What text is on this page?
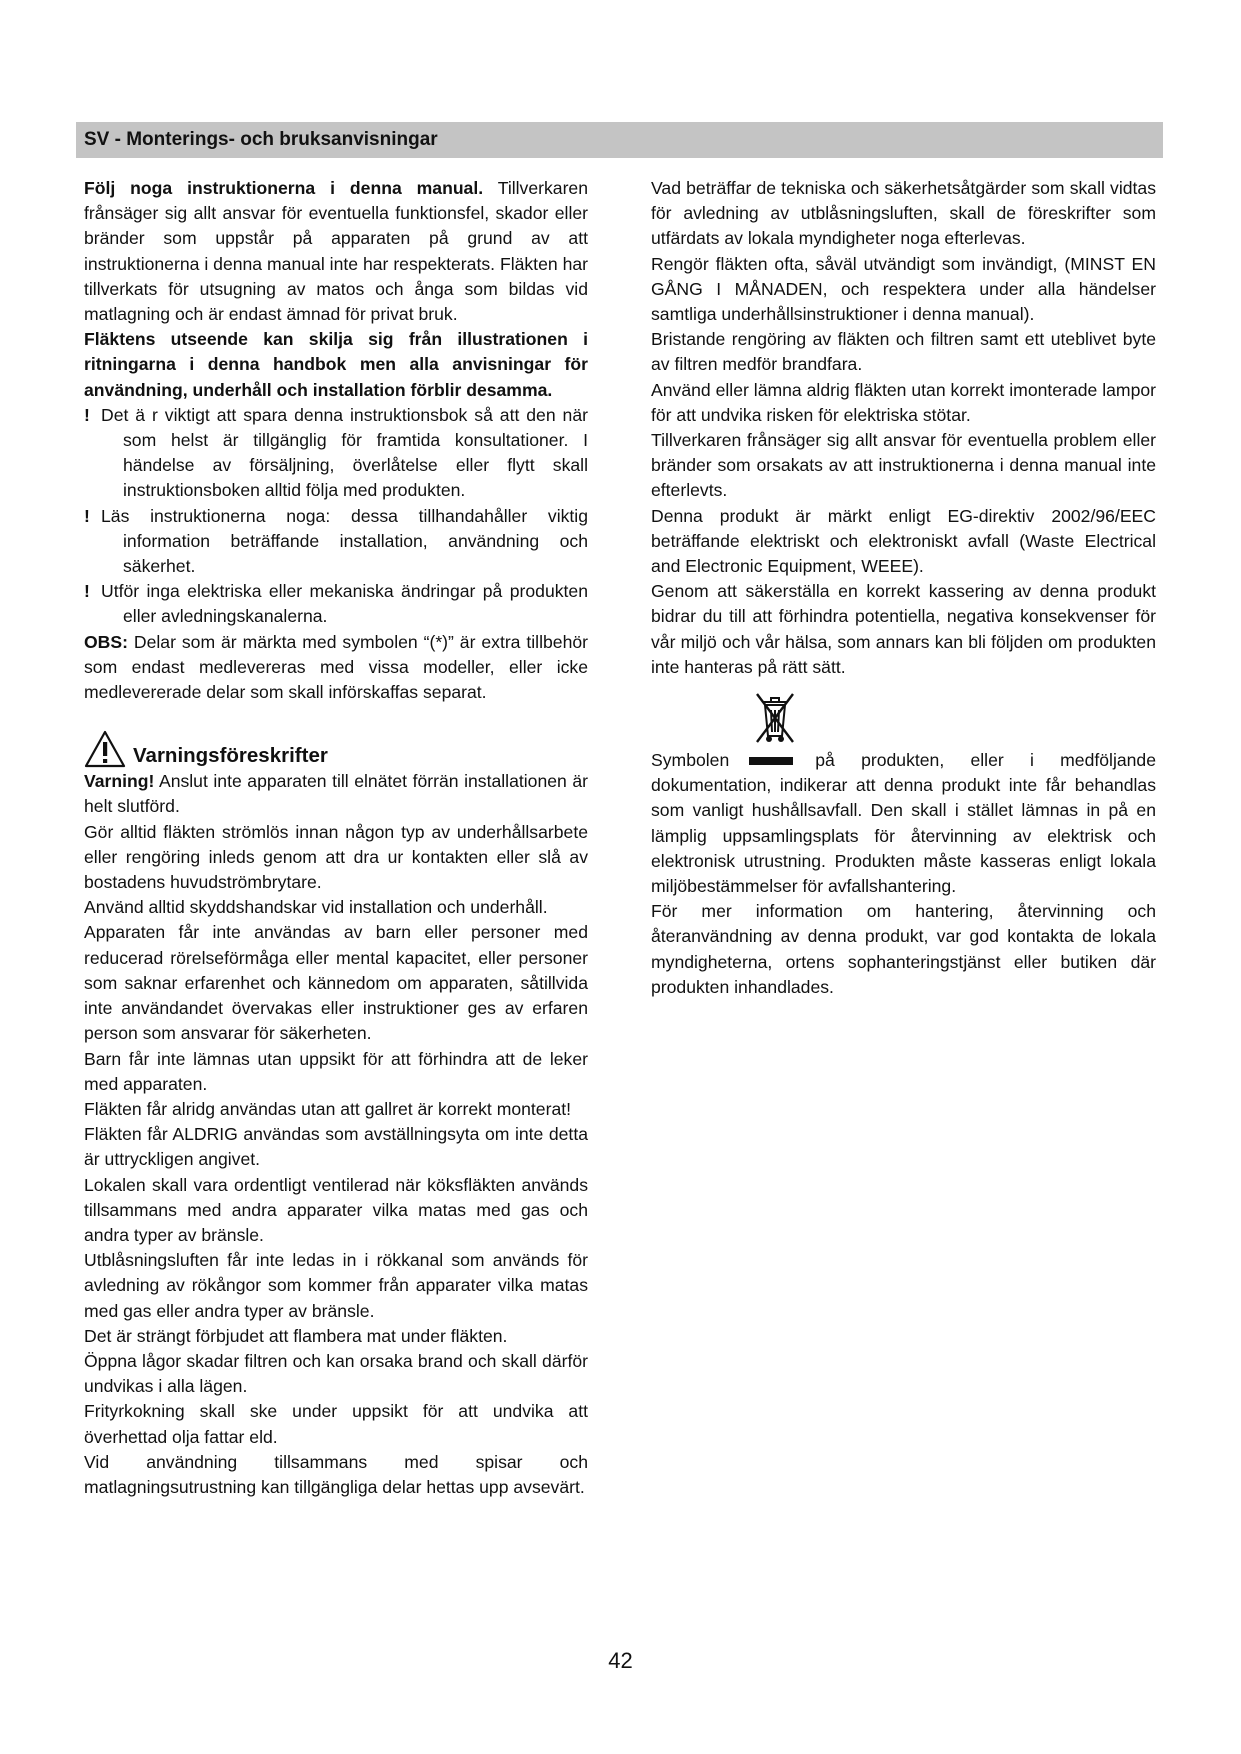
SV - Monterings- och bruksanvisningar

Följ noga instruktionerna i denna manual. Tillverkaren frånsäger sig allt ansvar för eventuella funktionsfel, skador eller bränder som uppstår på apparaten på grund av att instruktionerna i denna manual inte har respekterats. Fläkten har tillverkats för utsugning av matos och ånga som bildas vid matlagning och är endast ämnad för privat bruk.

Fläktens utseende kan skilja sig från illustrationen i ritningarna i denna handbok men alla anvisningar för användning, underhåll och installation förblir desamma.

! Det ä r viktigt att spara denna instruktionsbok så att den när som helst är tillgänglig för framtida konsultationer. I händelse av försäljning, överlåtelse eller flytt skall instruktionsboken alltid följa med produkten.

! Läs instruktionerna noga: dessa tillhandahåller viktig information beträffande installation, användning och säkerhet.

! Utför inga elektriska eller mekaniska ändringar på produkten eller avledningskanalerna.

OBS: Delar som är märkta med symbolen “(*)” är extra tillbehör som endast medlevereras med vissa modeller, eller icke medlevererade delar som skall införskaffas separat.

Varningsföreskrifter

Varning! Anslut inte apparaten till elnätet förrän installationen är helt slutförd.

Gör alltid fläkten strömlös innan någon typ av underhållsarbete eller rengöring inleds genom att dra ur kontakten eller slå av bostadens huvudströmbrytare.

Använd alltid skyddshandskar vid installation och underhåll.

Apparaten får inte användas av barn eller personer med reducerad rörelseförmåga eller mental kapacitet, eller personer som saknar erfarenhet och kännedom om apparaten, såtillvida inte användandet övervakas eller instruktioner ges av erfaren person som ansvarar för säkerheten.

Barn får inte lämnas utan uppsikt för att förhindra att de leker med apparaten.

Fläkten får alridg användas utan att gallret är korrekt monterat!

Fläkten får ALDRIG användas som avställningsyta om inte detta är uttryckligen angivet.

Lokalen skall vara ordentligt ventilerad när köksfläkten används tillsammans med andra apparater vilka matas med gas och andra typer av bränsle.

Utblåsningsluften får inte ledas in i rökkanal som används för avledning av rökångor som kommer från apparater vilka matas med gas eller andra typer av bränsle.

Det är strängt förbjudet att flambera mat under fläkten.

Öppna lågor skadar filtren och kan orsaka brand och skall därför undvikas i alla lägen.

Frityrkokning skall ske under uppsikt för att undvika att överhettad olja fattar eld.

Vid användning tillsammans med spisar och matlagningsutrustning kan tillgängliga delar hettas upp avsevärt.

Vad beträffar de tekniska och säkerhetsåtgärder som skall vidtas för avledning av utblåsningsluften, skall de föreskrifter som utfärdats av lokala myndigheter noga efterlevas.

Rengör fläkten ofta, såväl utvändigt som invändigt, (MINST EN GÅNG I MÅNADEN, och respektera under alla händelser samtliga underhållsinstruktioner i denna manual).

Bristande rengöring av fläkten och filtren samt ett uteblivet byte av filtren medför brandfara.

Använd eller lämna aldrig fläkten utan korrekt imonterade lampor för att undvika risken för elektriska stötar.

Tillverkaren frånsäger sig allt ansvar för eventuella problem eller bränder som orsakats av att instruktionerna i denna manual inte efterlevts.

Denna produkt är märkt enligt EG-direktiv 2002/96/EEC beträffande elektriskt och elektroniskt avfall (Waste Electrical and Electronic Equipment, WEEE).

Genom att säkerställa en korrekt kassering av denna produkt bidrar du till att förhindra potentiella, negativa konsekvenser för vår miljö och vår hälsa, som annars kan bli följden om produkten inte hanteras på rätt sätt.

Symbolen	på produkten, eller i medföljande dokumentation, indikerar att denna produkt inte får behandlas som vanligt hushållsavfall. Den skall i stället lämnas in på en lämplig uppsamlingsplats för återvinning av elektrisk och elektronisk utrustning. Produkten måste kasseras enligt lokala miljöbestämmelser för avfallshantering.

För mer information om hantering, återvinning och återanvändning av denna produkt, var god kontakta de lokala myndigheterna, ortens sophanteringstjänst eller butiken där produkten inhandlades.

42
